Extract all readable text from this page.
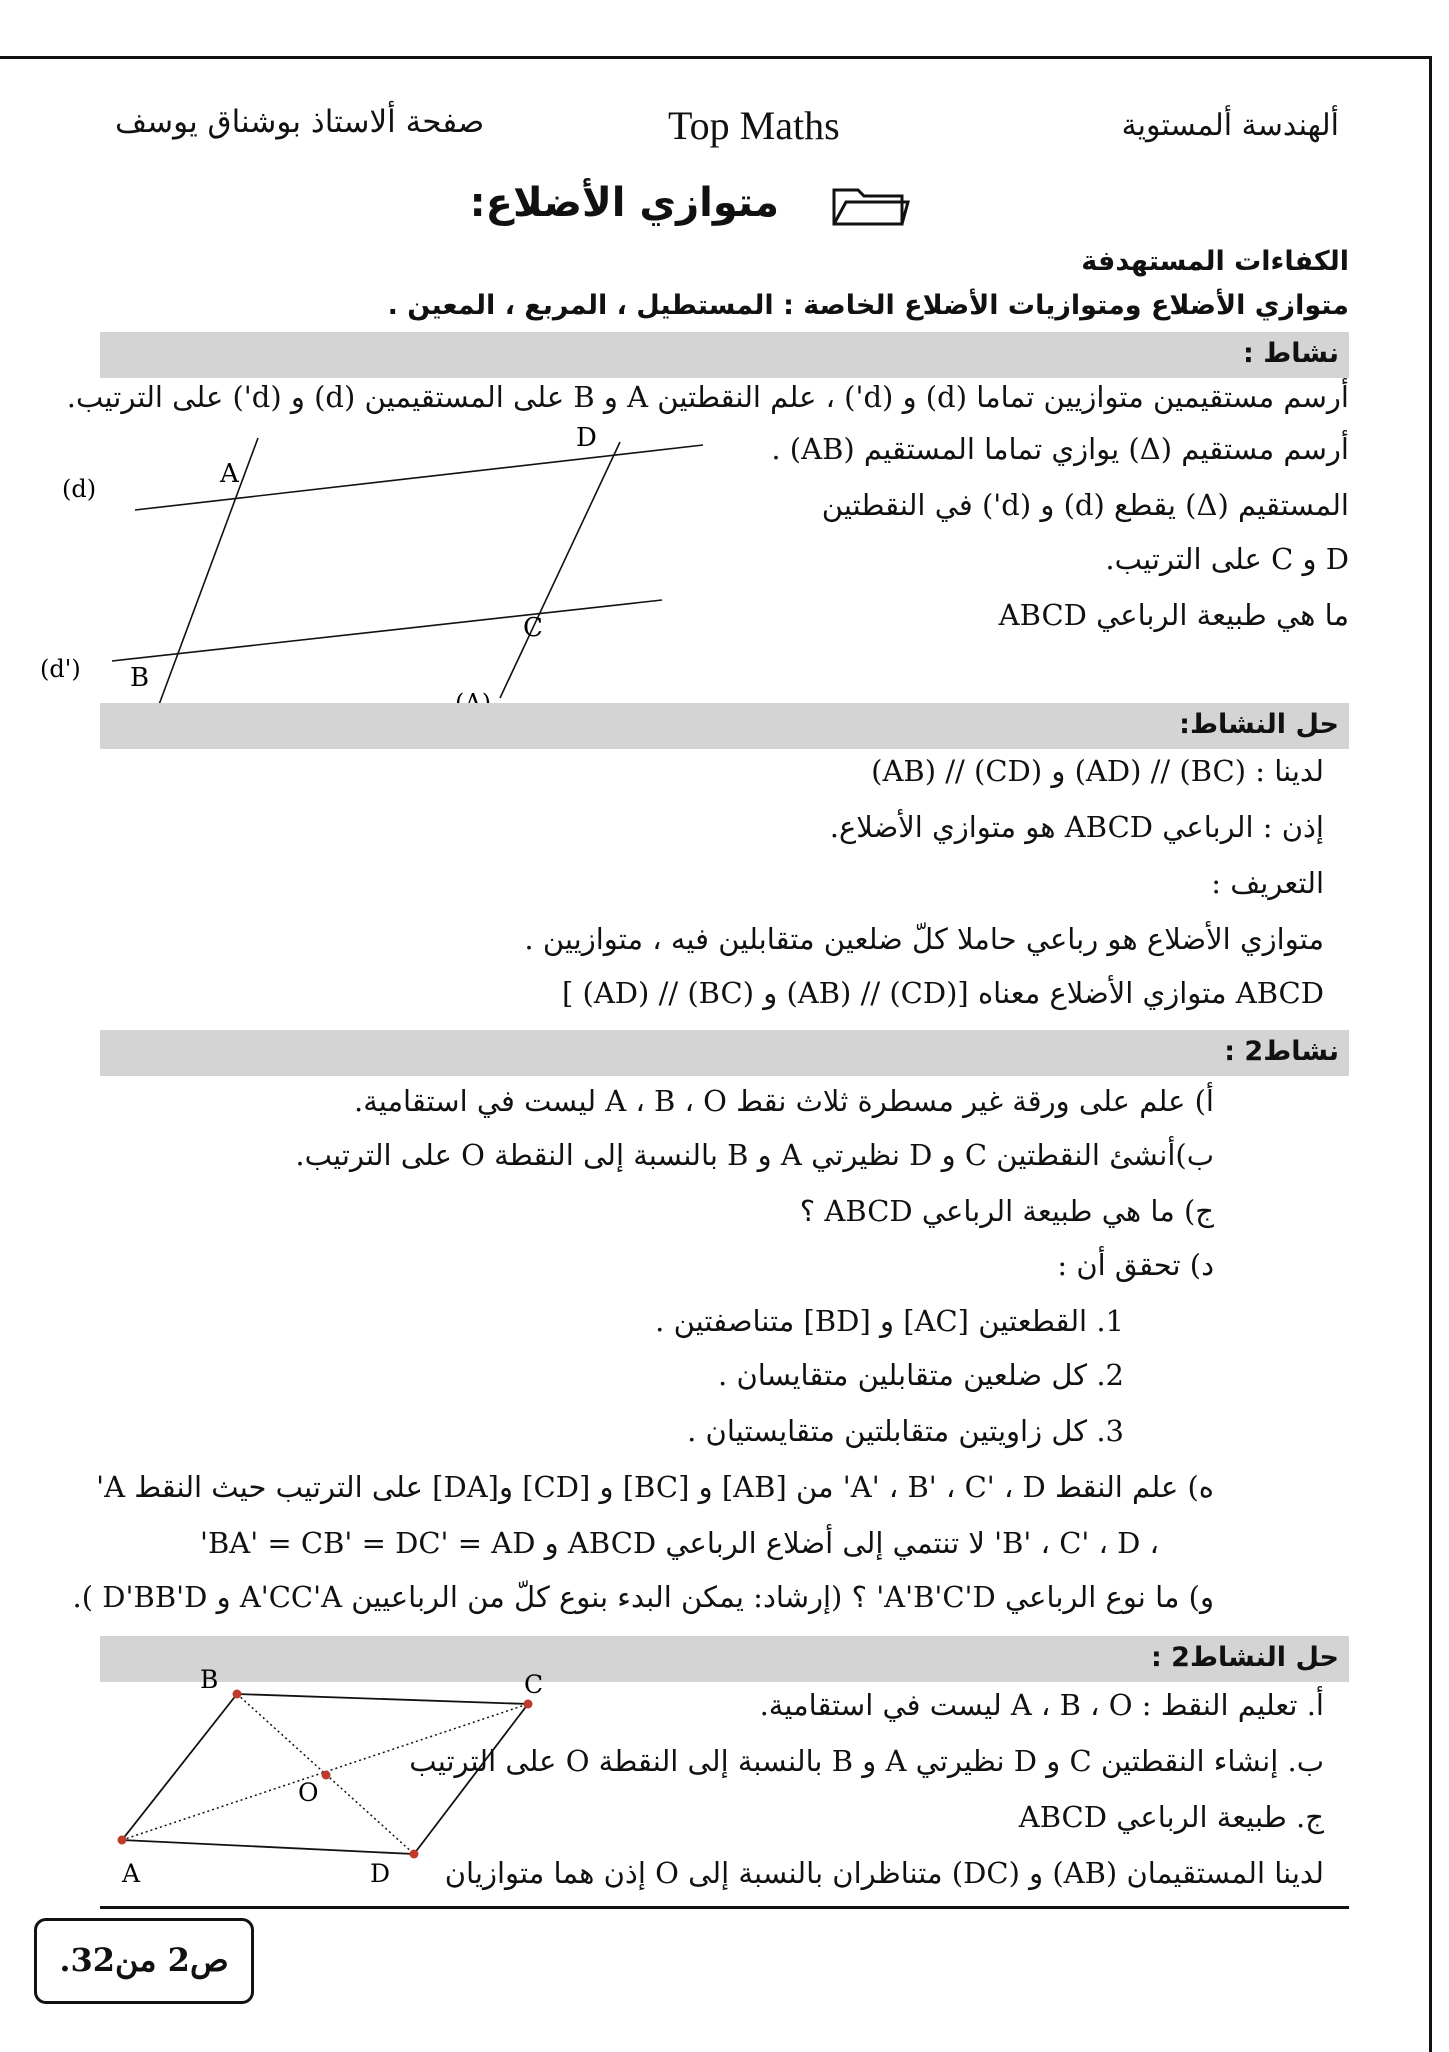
صفحة ألاستاذ بوشناق يوسف	Top Maths	ألهندسة ألمستوية
متوازي الأضلاع:
الكفاءات المستهدفة
متوازي الأضلاع ومتوازيات الأضلاع الخاصة : المستطيل ، المربع ، المعين .
نشاط :
أرسم مستقيمين متوازيين تماما (d) و (d') ، علم النقطتين A و B على المستقيمين (d) و (d') على الترتيب.
أرسم مستقيم (Δ) يوازي تماما المستقيم (AB) .
المستقيم (Δ) يقطع (d) و (d') في النقطتين
D و C على الترتيب.
ما هي طبيعة الرباعي ABCD
A
B
C
D
(d)
(d')
حل النشاط:
لدينا : (BC) // (AD) و (CD) // (AB)
إذن : الرباعي ABCD هو متوازي الأضلاع.
التعريف :
متوازي الأضلاع هو رباعي حاملا كلّ ضلعين متقابلين فيه ، متوازيين .
ABCD متوازي الأضلاع معناه [(CD) // (AB) و (BC) // (AD) ]
نشاط2 :
أ) علم على ورقة غير مسطرة ثلاث نقط A ، B ، O ليست في استقامية.
ب)أنشئ النقطتين C و D نظيرتي A و B بالنسبة إلى النقطة O على الترتيب.
ج) ما هي طبيعة الرباعي ABCD ؟
د) تحقق أن :
1. القطعتين [AC] و [BD] متناصفتين .
2. كل ضلعين متقابلين متقايسان .
3. كل زاويتين متقابلتين متقايستيان .
ه) علم النقط A' ، B' ، C' ، D' من [AB] و [BC] و [CD] و[DA] على الترتيب حيث النقط A'
، B' ، C' ، D' لا تنتمي إلى أضلاع الرباعي ABCD و BA' = CB' = DC' = AD'
و) ما نوع الرباعي A'B'C'D' ؟ (إرشاد: يمكن البدء بنوع كلّ من الرباعيين A'CC'A و D'BB'D ).
حل النشاط2 :
أ. تعليم النقط : A ، B ، O ليست في استقامية.
ب. إنشاء النقطتين C و D نظيرتي A و B بالنسبة إلى النقطة O على الترتيب
ج. طبيعة الرباعي ABCD
لدينا المستقيمان (AB) و (DC) متناظران بالنسبة إلى O إذن هما متوازيان
A
B	C
D
O
ص2 من32.
